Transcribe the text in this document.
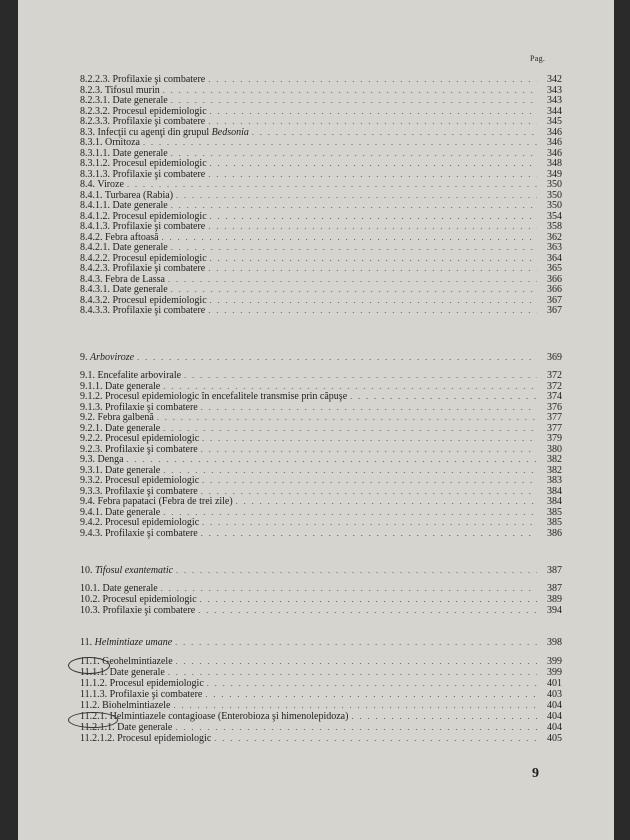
Pag.
8.2.2.3. Profilaxie şi combatere . . .	342
8.2.3. Tifosul murin . . .	343
8.2.3.1. Date generale . . .	343
8.2.3.2. Procesul epidemiologic . . .	344
8.2.3.3. Profilaxie şi combatere . . .	345
8.3. Infecţii cu agenţi din grupul Bedsonia . . .	346
8.3.1. Ornitoza . . .	346
8.3.1.1. Date generale . . .	346
8.3.1.2. Procesul epidemiologic . . .	348
8.3.1.3. Profilaxie şi combatere . . .	349
8.4. Viroze . . .	350
8.4.1. Turbarea (Rabia) . . .	350
8.4.1.1. Date generale . . .	350
8.4.1.2. Procesul epidemiologic . . .	354
8.4.1.3. Profilaxie şi combatere . . .	358
8.4.2. Febra aftoasă . . .	362
8.4.2.1. Date generale . . .	363
8.4.2.2. Procesul epidemiologic . . .	364
8.4.2.3. Profilaxie şi combatere . . .	365
8.4.3. Febra de Lassa . . .	366
8.4.3.1. Date generale . . .	366
8.4.3.2. Procesul epidemiologic . . .	367
8.4.3.3. Profilaxie şi combatere . . .	367
9. Arboviroze . . .	369
9.1. Encefalite arbovirale . . .	372
9.1.1. Date generale . . .	372
9.1.2. Procesul epidemiologic în encefalitele transmise prin căpuşe . . .	374
9.1.3. Profilaxie şi combatere . . .	376
9.2. Febra galbenă . . .	377
9.2.1. Date generale . . .	377
9.2.2. Procesul epidemiologic . . .	379
9.2.3. Profilaxie şi combatere . . .	380
9.3. Denga . . .	382
9.3.1. Date generale . . .	382
9.3.2. Procesul epidemiologic . . .	383
9.3.3. Profilaxie şi combatere . . .	384
9.4. Febra papataci (Febra de trei zile) . . .	384
9.4.1. Date generale . . .	385
9.4.2. Procesul epidemiologic . . .	385
9.4.3. Profilaxie şi combatere . . .	386
10. Tifosul exantematic . . .	387
10.1. Date generale . . .	387
10.2. Procesul epidemiologic . . .	389
10.3. Profilaxie şi combatere . . .	394
11. Helmintiaze umane . . .	398
11.1. Geohelmintiazele . . .	399
11.1.1. Date generale . . .	399
11.1.2. Procesul epidemiologic . . .	401
11.1.3. Profilaxie şi combatere . . .	403
11.2. Biohelmintiazele . . .	404
11.2.1. Helmintiazele contagioase (Enterobioza şi himenolepidoza) . . .	404
11.2.1.1. Date generale . . .	404
11.2.1.2. Procesul epidemiologic . . .	405
9
